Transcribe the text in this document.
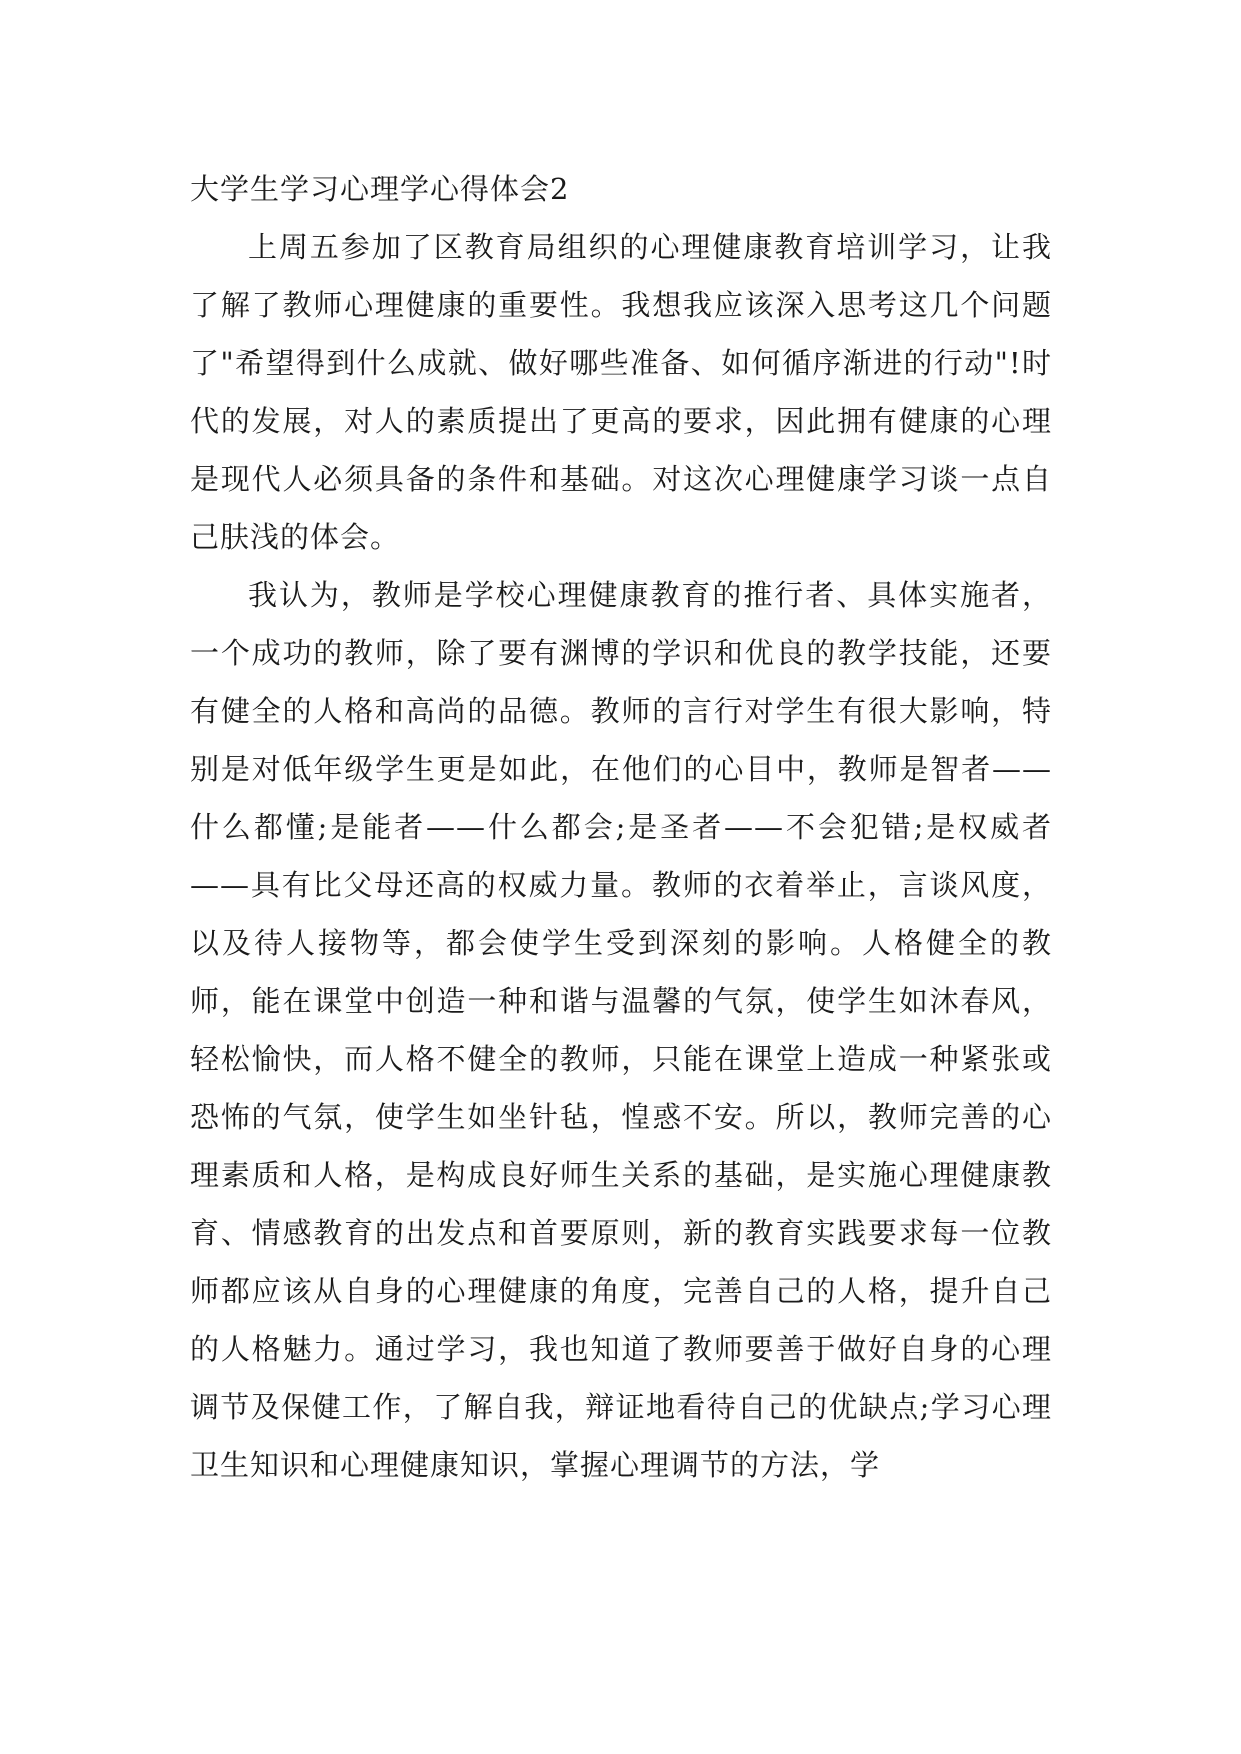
大学生学习心理学心得体会2

上周五参加了区教育局组织的心理健康教育培训学习，让我了解了教师心理健康的重要性。我想我应该深入思考这几个问题了"希望得到什么成就、做好哪些准备、如何循序渐进的行动"!时代的发展，对人的素质提出了更高的要求，因此拥有健康的心理是现代人必须具备的条件和基础。对这次心理健康学习谈一点自己肤浅的体会。

我认为，教师是学校心理健康教育的推行者、具体实施者，一个成功的教师，除了要有渊博的学识和优良的教学技能，还要有健全的人格和高尚的品德。教师的言行对学生有很大影响，特别是对低年级学生更是如此，在他们的心目中，教师是智者——什么都懂;是能者——什么都会;是圣者——不会犯错;是权威者——具有比父母还高的权威力量。教师的衣着举止，言谈风度，以及待人接物等，都会使学生受到深刻的影响。人格健全的教师，能在课堂中创造一种和谐与温馨的气氛，使学生如沐春风，轻松愉快，而人格不健全的教师，只能在课堂上造成一种紧张或恐怖的气氛，使学生如坐针毡，惶惑不安。所以，教师完善的心理素质和人格，是构成良好师生关系的基础，是实施心理健康教育、情感教育的出发点和首要原则，新的教育实践要求每一位教师都应该从自身的心理健康的角度，完善自己的人格，提升自己的人格魅力。通过学习，我也知道了教师要善于做好自身的心理调节及保健工作，了解自我，辩证地看待自己的优缺点;学习心理卫生知识和心理健康知识，掌握心理调节的方法，学
